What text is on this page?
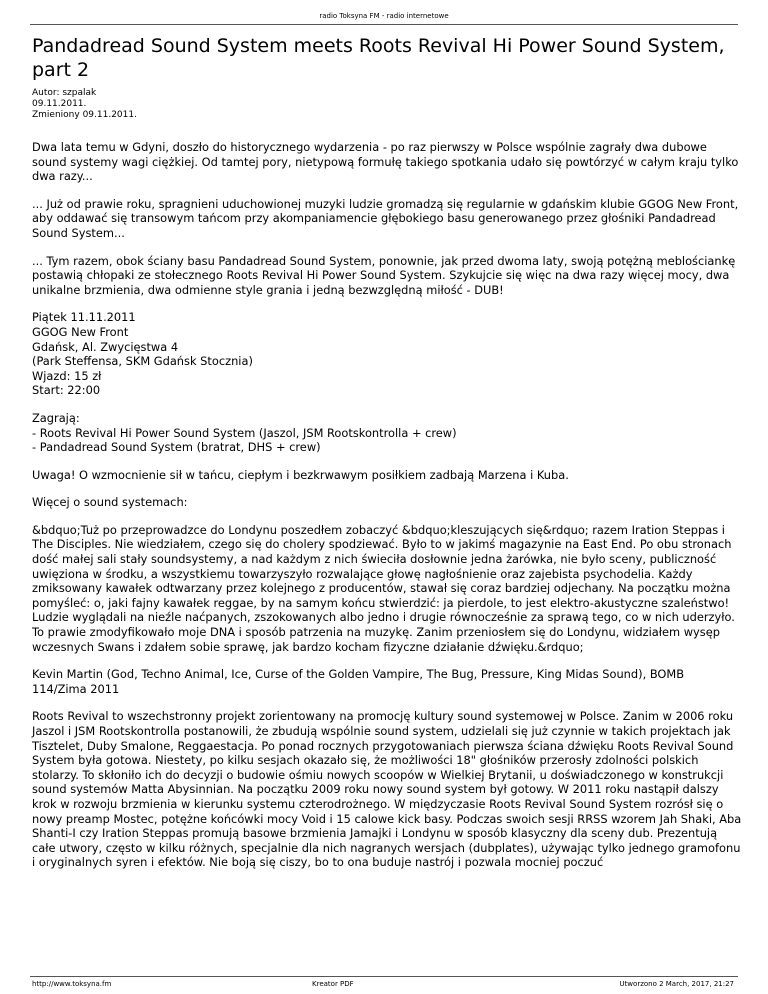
radio Toksyna FM - radio internetowe
Pandadread Sound System meets Roots Revival Hi Power Sound System, part 2
Autor: szpalak
09.11.2011.
Zmieniony 09.11.2011.

Dwa lata temu w Gdyni, doszło do historycznego wydarzenia - po raz pierwszy w Polsce wspólnie zagrały dwa dubowe sound systemy wagi ciężkiej. Od tamtej pory, nietypową formułę takiego spotkania udało się powtórzyć w całym kraju tylko dwa razy...

... Już od prawie roku, spragnieni uduchowionej muzyki ludzie gromadzą się regularnie w gdańskim klubie GGOG New Front, aby oddawać się transowym tańcom przy akompaniamencie głębokiego basu generowanego przez głośniki Pandadread Sound System...

... Tym razem, obok ściany basu Pandadread Sound System, ponownie, jak przed dwoma laty, swoją potężną meblościankę postawią chłopaki ze stołecznego Roots Revival Hi Power Sound System. Szykujcie się więc na dwa razy więcej mocy, dwa unikalne brzmienia, dwa odmienne style grania i jedną bezwzględną miłość - DUB!

Piątek 11.11.2011
GGOG New Front
Gdańsk, Al. Zwycięstwa 4
(Park Steffensa, SKM Gdańsk Stocznia)
Wjazd: 15 zł
Start: 22:00

Zagrają:
- Roots Revival Hi Power Sound System (Jaszol, JSM Rootskontrolla + crew)
- Pandadread Sound System (bratrat, DHS + crew)

Uwaga! O wzmocnienie sił w tańcu, ciepłym i bezkrwawym posiłkiem zadbają Marzena i Kuba.

Więcej o sound systemach:

&bdquo;Tuż po przeprowadzce do Londynu poszedłem zobaczyć &bdquo;kleszujących się&rdquo; razem Iration Steppas i The Disciples. Nie wiedziałem, czego się do cholery spodziewać. Było to w jakimś magazynie na East End. Po obu stronach dość małej sali stały soundsystemy, a nad każdym z nich świeciła dosłownie jedna żarówka, nie było sceny, publiczność uwięziona w środku, a wszystkiemu towarzyszyło rozwalające głowę nagłośnienie oraz zajebista psychodelia. Każdy zmiksowany kawałek odtwarzany przez kolejnego z producentów, stawał się coraz bardziej odjechany. Na początku można pomyśleć: o, jaki fajny kawałek reggae, by na samym końcu stwierdzić: ja pierdole, to jest elektro-akustyczne szaleństwo! Ludzie wyglądali na nieźle naćpanych, zszokowanych albo jedno i drugie równocześnie za sprawą tego, co w nich uderzyło. To prawie zmodyfikowało moje DNA i sposób patrzenia na muzykę. Zanim przeniosłem się do Londynu, widziałem wysęp wczesnych Swans i zdałem sobie sprawę, jak bardzo kocham fizyczne działanie dźwięku.&rdquo;

Kevin Martin (God, Techno Animal, Ice, Curse of the Golden Vampire, The Bug, Pressure, King Midas Sound), BOMB 114/Zima 2011

Roots Revival to wszechstronny projekt zorientowany na promocję kultury sound systemowej w Polsce. Zanim w 2006 roku Jaszol i JSM Rootskontrolla postanowili, że zbudują wspólnie sound system, udzielali się już czynnie w takich projektach jak Tisztelet, Duby Smalone, Reggaestacja. Po ponad rocznych przygotowaniach pierwsza ściana dźwięku Roots Revival Sound System była gotowa. Niestety, po kilku sesjach okazało się, że możliwości 18" głośników przerosły zdolności polskich stolarzy. To skłoniło ich do decyzji o budowie ośmiu nowych scoopów w Wielkiej Brytanii, u doświadczonego w konstrukcji sound systemów Matta Abysinnian. Na początku 2009 roku nowy sound system był gotowy. W 2011 roku nastąpił dalszy krok w rozwoju brzmienia w kierunku systemu czterodrożnego. W międzyczasie Roots Revival Sound System rozrósł się o nowy preamp Mostec, potężne końcówki mocy Void i 15 calowe kick basy. Podczas swoich sesji RRSS wzorem Jah Shaki, Aba Shanti-I czy Iration Steppas promują basowe brzmienia Jamajki i Londynu w sposób klasyczny dla sceny dub. Prezentują całe utwory, często w kilku różnych, specjalnie dla nich nagranych wersjach (dubplates), używając tylko jednego gramofonu i oryginalnych syren i efektów. Nie boją się ciszy, bo to ona buduje nastrój i pozwala mocniej poczuć

http://www.toksyna.fm	Kreator PDF	Utworzono 2 March, 2017, 21:27
